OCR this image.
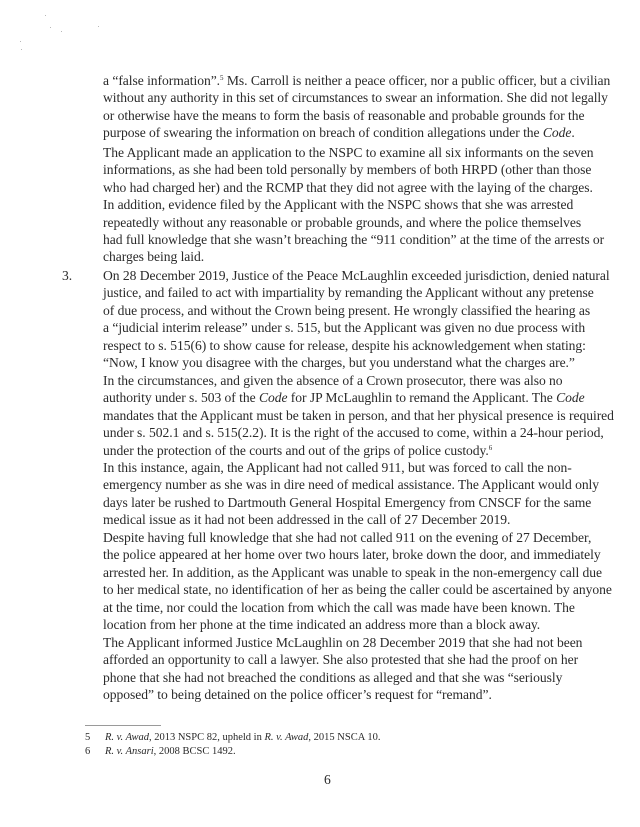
a “false information”.$^5$ Ms. Carroll is neither a peace officer, nor a public officer, but a civilian
without any authority in this set of circumstances to swear an information. She did not legally
or otherwise have the means to form the basis of reasonable and probable grounds for the
purpose of swearing the information on breach of condition allegations under the Code.
The Applicant made an application to the NSPC to examine all six informants on the seven
informations, as she had been told personally by members of both HRPD (other than those
who had charged her) and the RCMP that they did not agree with the laying of the charges.
In addition, evidence filed by the Applicant with the NSPC shows that she was arrested
repeatedly without any reasonable or probable grounds, and where the police themselves
had full knowledge that she wasn’t breaching the “911 condition” at the time of the arrests or
charges being laid.
On 28 December 2019, Justice of the Peace McLaughlin exceeded jurisdiction, denied natural
justice, and failed to act with impartiality by remanding the Applicant without any pretense
of due process, and without the Crown being present. He wrongly classified the hearing as
a “judicial interim release” under s. 515, but the Applicant was given no due process with
respect to s. 515(6) to show cause for release, despite his acknowledgement when stating:
“Now, I know you disagree with the charges, but you understand what the charges are.”
3.
In the circumstances, and given the absence of a Crown prosecutor, there was also no
authority under s. 503 of the Code for JP McLaughlin to remand the Applicant. The Code
mandates that the Applicant must be taken in person, and that her physical presence is required
under s. 502.1 and s. 515(2.2). It is the right of the accused to come, within a 24-hour period,
under the protection of the courts and out of the grips of police custody.$^6$
In this instance, again, the Applicant had not called 911, but was forced to call the non-
emergency number as she was in dire need of medical assistance. The Applicant would only
days later be rushed to Dartmouth General Hospital Emergency from CNSCF for the same
medical issue as it had not been addressed in the call of 27 December 2019.
Despite having full knowledge that she had not called 911 on the evening of 27 December,
the police appeared at her home over two hours later, broke down the door, and immediately
arrested her. In addition, as the Applicant was unable to speak in the non-emergency call due
to her medical state, no identification of her as being the caller could be ascertained by anyone
at the time, nor could the location from which the call was made have been known. The
location from her phone at the time indicated an address more than a block away.
The Applicant informed Justice McLaughlin on 28 December 2019 that she had not been
afforded an opportunity to call a lawyer. She also protested that she had the proof on her
phone that she had not breached the conditions as alleged and that she was “seriously
opposed” to being detained on the police officer’s request for “remand”.
5 R. v. Awad, 2013 NSPC 82, upheld in R. v. Awad, 2015 NSCA 10.
6 R. v. Ansari, 2008 BCSC 1492.
6
